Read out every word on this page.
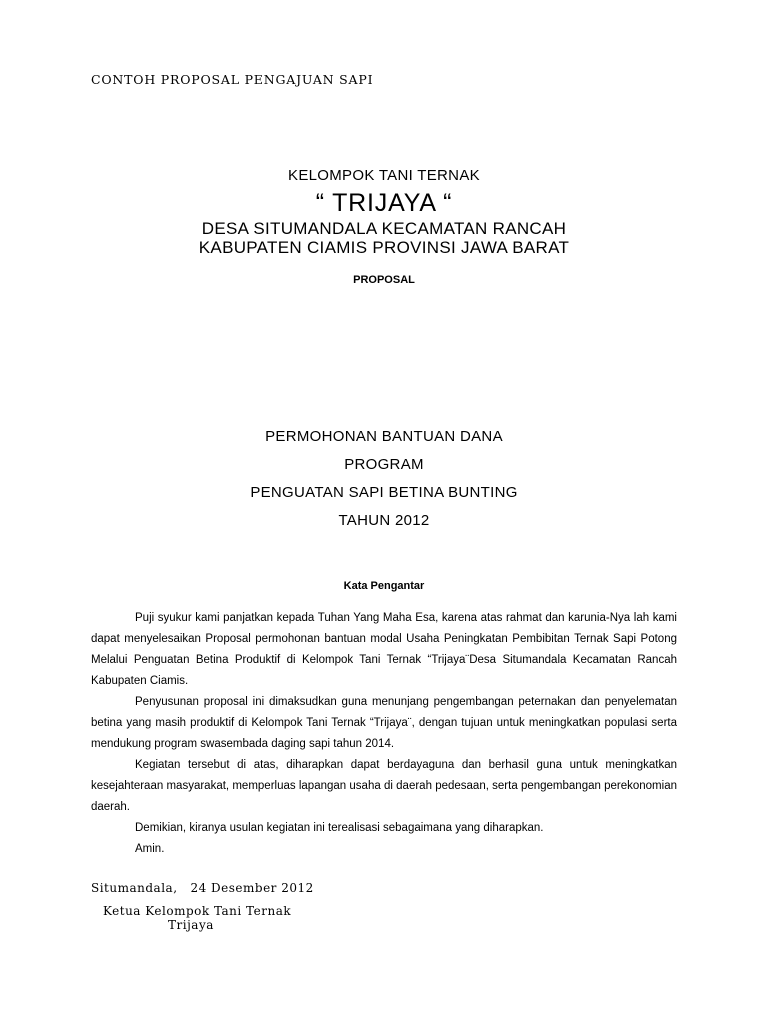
CONTOH PROPOSAL PENGAJUAN SAPI
KELOMPOK TANI TERNAK
“ TRIJAYA “
DESA SITUMANDALA KECAMATAN RANCAH
KABUPATEN CIAMIS PROVINSI JAWA BARAT
PROPOSAL
PERMOHONAN BANTUAN DANA
PROGRAM
PENGUATAN SAPI BETINA BUNTING
TAHUN 2012
Kata Pengantar

Puji syukur kami panjatkan kepada Tuhan Yang Maha Esa, karena atas rahmat dan karunia-Nya lah kami dapat menyelesaikan Proposal permohonan bantuan modal Usaha Peningkatan Pembibitan Ternak Sapi Potong Melalui Penguatan Betina Produktif di Kelompok Tani Ternak “Trijaya¨Desa Situmandala Kecamatan Rancah Kabupaten Ciamis.

Penyusunan proposal ini dimaksudkan guna menunjang pengembangan peternakan dan penyelematan betina yang masih produktif di Kelompok Tani Ternak “Trijaya¨, dengan tujuan untuk meningkatkan populasi serta mendukung program swasembada daging sapi tahun 2014.

Kegiatan tersebut di atas, diharapkan dapat berdayaguna dan berhasil guna untuk meningkatkan kesejahteraan masyarakat, memperluas lapangan usaha di daerah pedesaan, serta pengembangan perekonomian daerah.

Demikian, kiranya usulan kegiatan ini terealisasi sebagaimana yang diharapkan.

Amin.

Situmandala,   24 Desember 2012
Ketua Kelompok Tani Ternak
Trijaya
